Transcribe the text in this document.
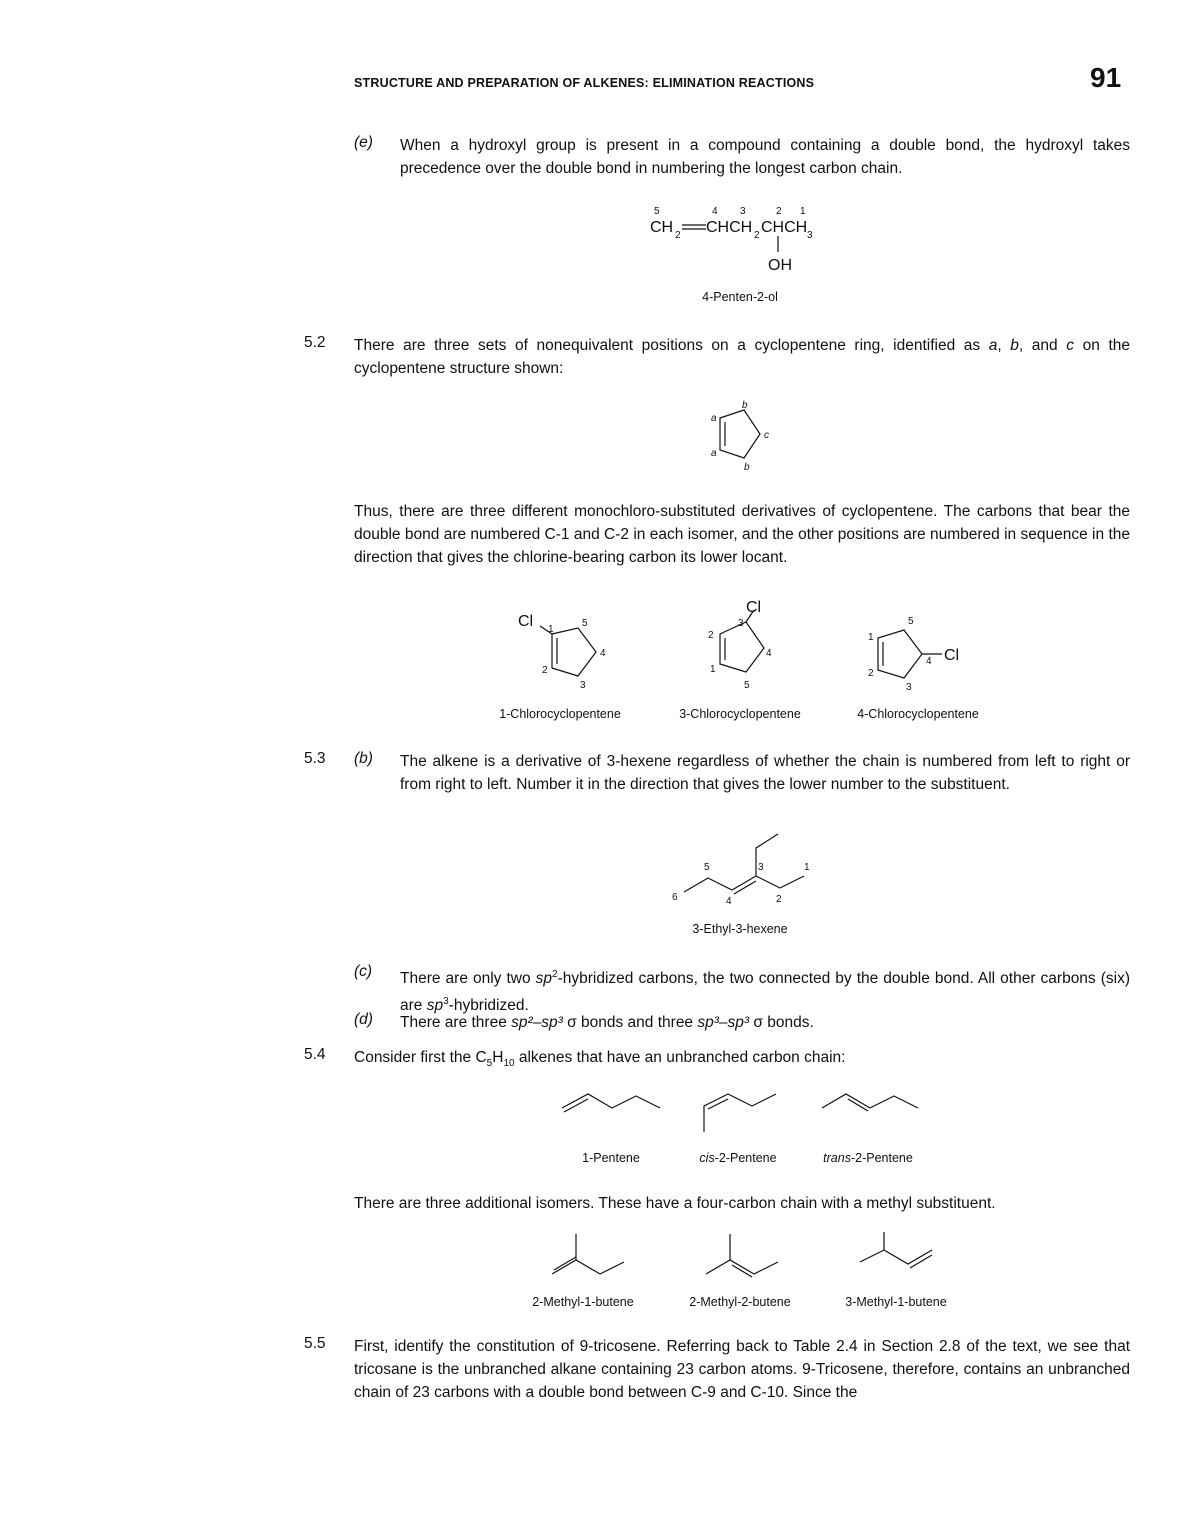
STRUCTURE AND PREPARATION OF ALKENES: ELIMINATION REACTIONS	91
(e) When a hydroxyl group is present in a compound containing a double bond, the hydroxyl takes precedence over the double bond in numbering the longest carbon chain.
5	4 3	2 1
CH 2 CHCH 2 CHCH 3
OH
4-Penten-2-ol
5.2 There are three sets of nonequivalent positions on a cyclopentene ring, identified as a, b, and c on the cyclopentene structure shown:
a
a
b
b
c
Thus, there are three different monochloro-substituted derivatives of cyclopentene. The carbons that bear the double bond are numbered C-1 and C-2 in each isomer, and the other positions are numbered in sequence in the direction that gives the chlorine-bearing carbon its lower locant.
Cl 1
2
3
4
5
Cl
3
2
1
5
4	Cl
1
2
3
4
5
1-Chlorocyclopentene	3-Chlorocyclopentene	4-Chlorocyclopentene
5.3 (b) The alkene is a derivative of 3-hexene regardless of whether the chain is numbered from left to right or from right to left. Number it in the direction that gives the lower number to the substituent.
6
5
4
3
2
1
3-Ethyl-3-hexene
(c) There are only two $sp^2$-hybridized carbons, the two connected by the double bond. All other carbons (six) are $sp^3$-hybridized.
(d) There are three sp²–sp³ σ bonds and three sp³–sp³ σ bonds.
5.4 Consider first the $C_5H_{10}$ alkenes that have an unbranched carbon chain:
1-Pentene	cis-2-Pentene	trans-2-Pentene
There are three additional isomers. These have a four-carbon chain with a methyl substituent.
2-Methyl-1-butene	2-Methyl-2-butene	3-Methyl-1-butene
5.5 First, identify the constitution of 9-tricosene. Referring back to Table 2.4 in Section 2.8 of the text, we see that tricosane is the unbranched alkane containing 23 carbon atoms. 9-Tricosene, therefore, contains an unbranched chain of 23 carbons with a double bond between C-9 and C-10. Since the
